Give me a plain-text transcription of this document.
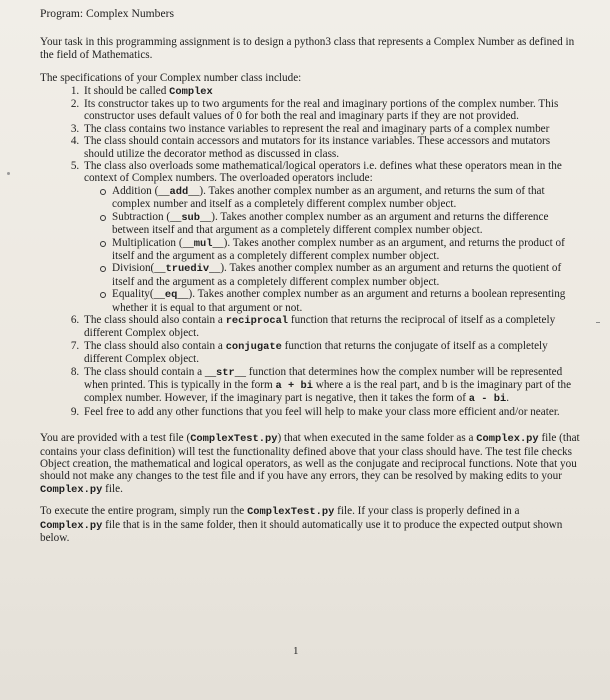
Program: Complex Numbers

Your task in this programming assignment is to design a python3 class that represents a Complex Number as defined in the field of Mathematics.

The specifications of your Complex number class include:

1. It should be called Complex
2. Its constructor takes up to two arguments for the real and imaginary portions of the complex number. This constructor uses default values of 0 for both the real and imaginary parts if they are not provided.
3. The class contains two instance variables to represent the real and imaginary parts of a complex number
4. The class should contain accessors and mutators for its instance variables. These accessors and mutators should utilize the decorator method as discussed in class.
5. The class also overloads some mathematical/logical operators i.e. defines what these operators mean in the context of Complex numbers. The overloaded operators include:
Addition (__add__). Takes another complex number as an argument, and returns the sum of that complex number and itself as a completely different complex number object.
Subtraction (__sub__). Takes another complex number as an argument and returns the difference between itself and that argument as a completely different complex number object.
Multiplication (__mul__). Takes another complex number as an argument, and returns the product of itself and the argument as a completely different complex number object.
Division(__truediv__). Takes another complex number as an argument and returns the quotient of itself and the argument as a completely different complex number object.
Equality(__eq__). Takes another complex number as an argument and returns a boolean representing whether it is equal to that argument or not.
6. The class should also contain a reciprocal function that returns the reciprocal of itself as a completely different Complex object.
7. The class should also contain a conjugate function that returns the conjugate of itself as a completely different Complex object.
8. The class should contain a __str__ function that determines how the complex number will be represented when printed. This is typically in the form a + bi where a is the real part, and b is the imaginary part of the complex number. However, if the imaginary part is negative, then it takes the form of a - bi.
9. Feel free to add any other functions that you feel will help to make your class more efficient and/or neater.

You are provided with a test file (ComplexTest.py) that when executed in the same folder as a Complex.py file (that contains your class definition) will test the functionality defined above that your class should have. The test file checks Object creation, the mathematical and logical operators, as well as the conjugate and reciprocal functions. Note that you should not make any changes to the test file and if you have any errors, they can be resolved by making edits to your Complex.py file.

To execute the entire program, simply run the ComplexTest.py file. If your class is properly defined in a Complex.py file that is in the same folder, then it should automatically use it to produce the expected output shown below.

1
